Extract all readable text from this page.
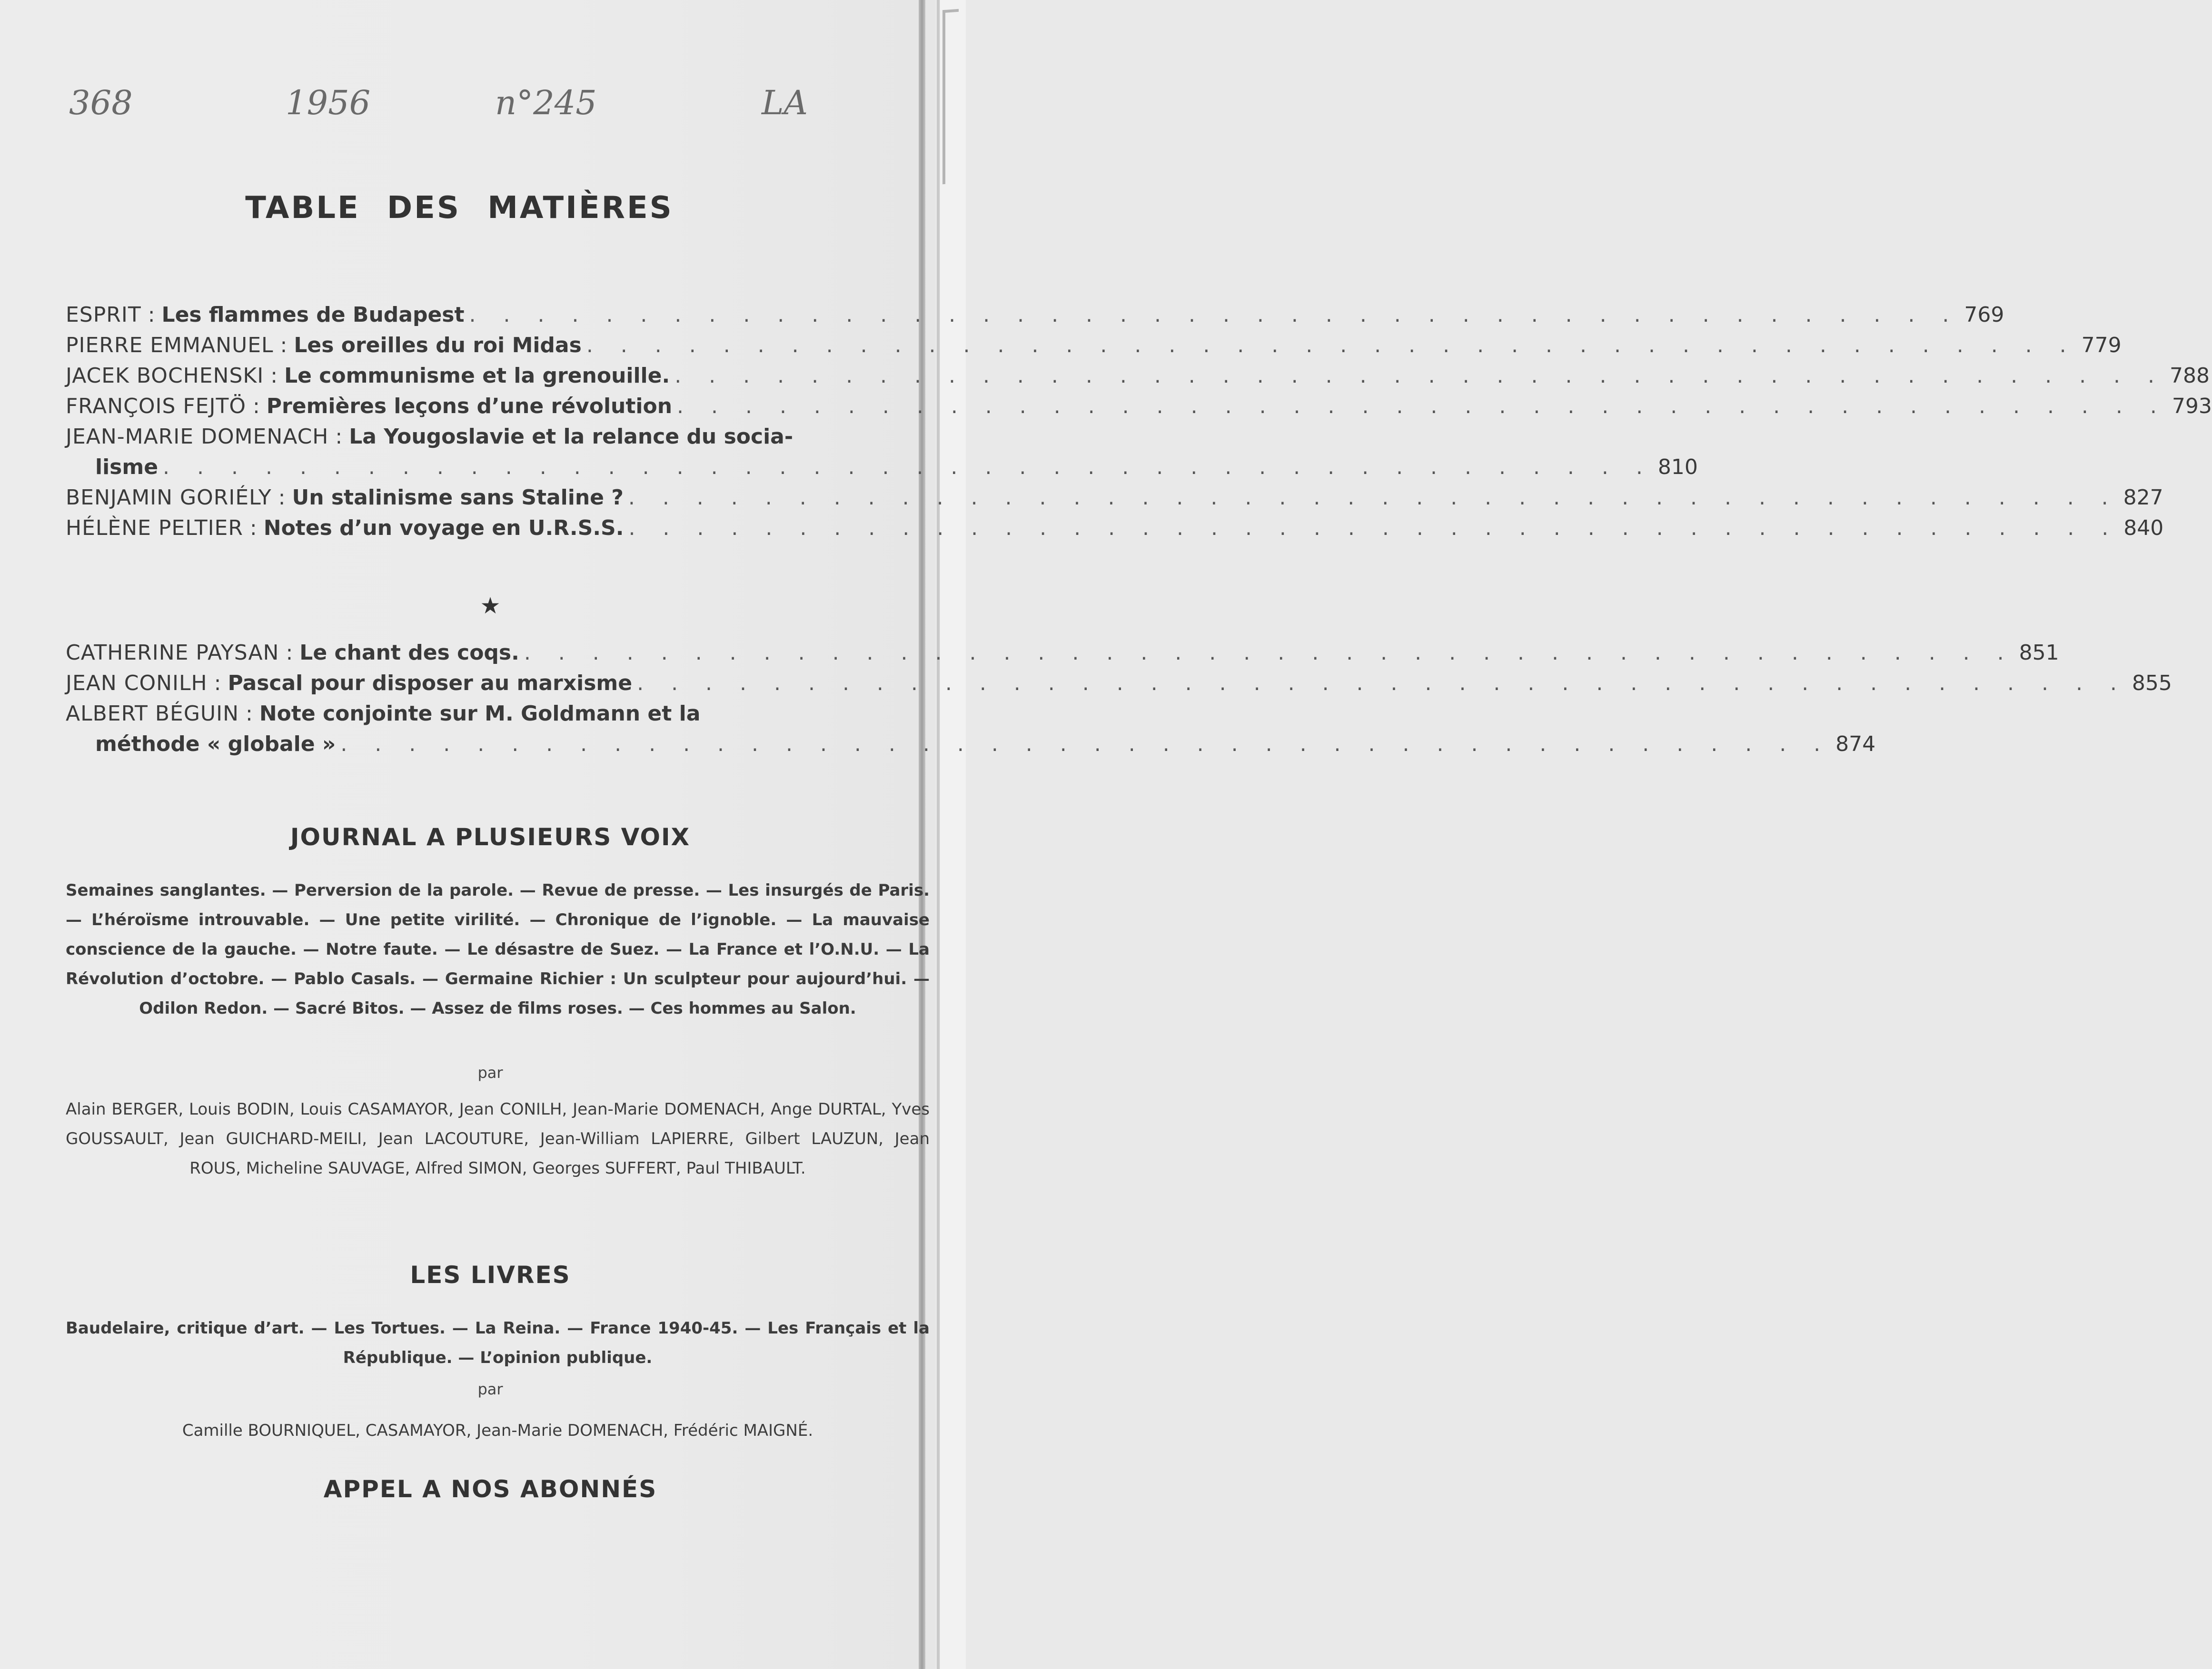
368	1956	n°245	LA
TABLE DES MATIÈRES
ESPRIT : Les flammes de Budapest . . . . . . . . . . . . . . . . . . . . . . . . . . . . . . . . . . . . . . . . . . . . 769
PIERRE EMMANUEL : Les oreilles du roi Midas . . . . . . . . . . . . . . . . . . . . . . . . . . . . . . . . . . . . . . . . . . . . 779
JACEK BOCHENSKI : Le communisme et la grenouille. . . . . . . . . . . . . . . . . . . . . . . . . . . . . . . . . . . . . . . . . . . . . 788
FRANÇOIS FEJTÖ : Premières leçons d’une révolution . . . . . . . . . . . . . . . . . . . . . . . . . . . . . . . . . . . . . . . . . . . . 793
JEAN-MARIE DOMENACH : La Yougoslavie et la relance du socia-
lisme . . . . . . . . . . . . . . . . . . . . . . . . . . . . . . . . . . . . . . . . . . . . 810
BENJAMIN GORIÉLY : Un stalinisme sans Staline ? . . . . . . . . . . . . . . . . . . . . . . . . . . . . . . . . . . . . . . . . . . . . 827
HÉLÈNE PELTIER : Notes d’un voyage en U.R.S.S. . . . . . . . . . . . . . . . . . . . . . . . . . . . . . . . . . . . . . . . . . . . . 840
★
CATHERINE PAYSAN : Le chant des coqs. . . . . . . . . . . . . . . . . . . . . . . . . . . . . . . . . . . . . . . . . . . . . 851
JEAN CONILH : Pascal pour disposer au marxisme . . . . . . . . . . . . . . . . . . . . . . . . . . . . . . . . . . . . . . . . . . . . 855
ALBERT BÉGUIN : Note conjointe sur M. Goldmann et la
méthode « globale » . . . . . . . . . . . . . . . . . . . . . . . . . . . . . . . . . . . . . . . . . . . . 874
JOURNAL A PLUSIEURS VOIX
Semaines sanglantes. — Perversion de la parole. — Revue de presse. — Les insurgés de Paris. — L’héroïsme introuvable. — Une petite virilité. — Chronique de l’ignoble. — La mauvaise conscience de la gauche. — Notre faute. — Le désastre de Suez. — La France et l’O.N.U. — La Révolution d’octobre. — Pablo Casals. — Germaine Richier : Un sculpteur pour aujourd’hui. — Odilon Redon. — Sacré Bitos. — Assez de films roses. — Ces hommes au Salon.
par
Alain BERGER, Louis BODIN, Louis CASAMAYOR, Jean CONILH, Jean-Marie DOMENACH, Ange DURTAL, Yves GOUSSAULT, Jean GUICHARD-MEILI, Jean LACOUTURE, Jean-William LAPIERRE, Gilbert LAUZUN, Jean ROUS, Micheline SAUVAGE, Alfred SIMON, Georges SUFFERT, Paul THIBAULT.
LES LIVRES
Baudelaire, critique d’art. — Les Tortues. — La Reina. — France 1940-45. — Les Français et la République. — L’opinion publique.
par
Camille BOURNIQUEL, CASAMAYOR, Jean-Marie DOMENACH, Frédéric MAIGNÉ.
APPEL A NOS ABONNÉS
